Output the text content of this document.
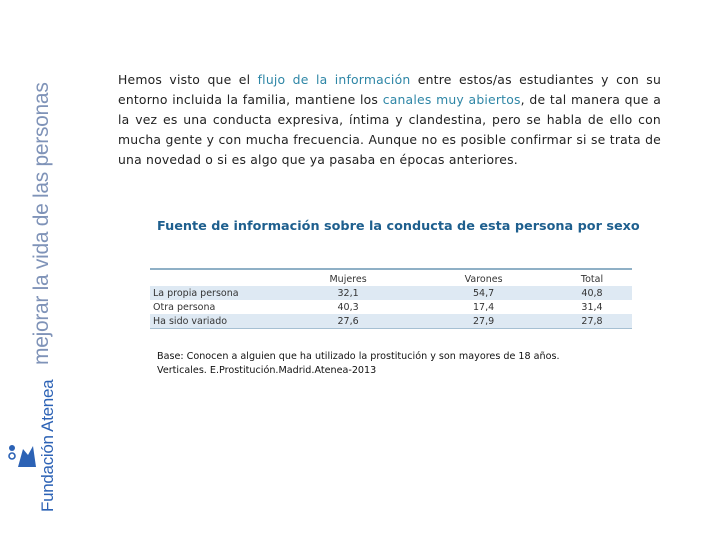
mejorar la vida de las personas
Fundación Atenea

Hemos visto que el flujo de la información entre estos/as estudiantes y con su entorno incluida la familia, mantiene los canales muy abiertos, de tal manera que a la vez es una conducta expresiva, íntima y clandestina, pero se habla de ello con mucha gente y con mucha frecuencia. Aunque no es posible confirmar si se trata de una novedad o si es algo que ya pasaba en épocas anteriores.

Fuente de información sobre la conducta de esta persona por sexo
	Mujeres	Varones	Total
La propia persona	32,1	54,7	40,8
Otra persona	40,3	17,4	31,4
Ha sido variado	27,6	27,9	27,8

Base: Conocen a alguien que ha utilizado la prostitución y son mayores de 18 años.
Verticales. E.Prostitución.Madrid.Atenea-2013
